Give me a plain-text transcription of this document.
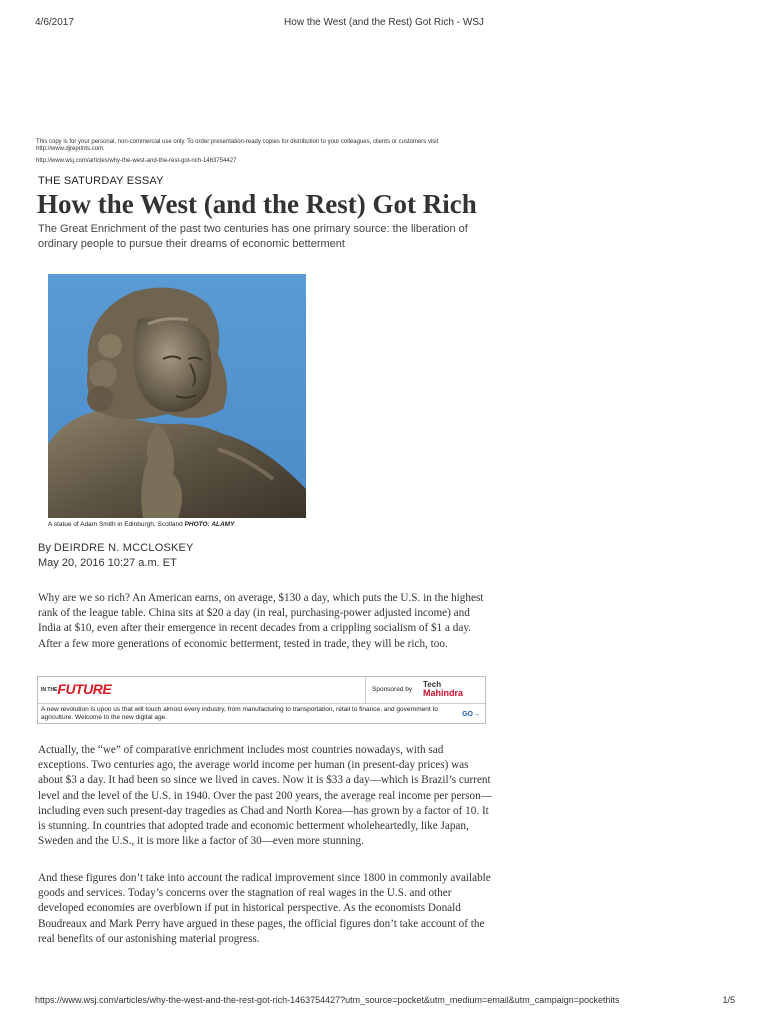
4/6/2017	How the West (and the Rest) Got Rich - WSJ
This copy is for your personal, non-commercial use only. To order presentation-ready copies for distribution to your colleagues, clients or customers visit http://www.djreprints.com.
http://www.wsj.com/articles/why-the-west-and-the-rest-got-rich-1463754427
THE SATURDAY ESSAY
How the West (and the Rest) Got Rich
The Great Enrichment of the past two centuries has one primary source: the liberation of ordinary people to pursue their dreams of economic betterment
A statue of Adam Smith in Edinburgh, Scotland PHOTO: ALAMY
By DEIRDRE N. MCCLOSKEY
May 20, 2016 10:27 a.m. ET
Why are we so rich? An American earns, on average, $130 a day, which puts the U.S. in the highest rank of the league table. China sits at $20 a day (in real, purchasing-power adjusted income) and India at $10, even after their emergence in recent decades from a crippling socialism of $1 a day. After a few more generations of economic betterment, tested in trade, they will be rich, too.
IN THEFUTURE	Sponsored by
Tech
Mahindra
A new revolution is upon us that will touch almost every industry, from manufacturing to transportation, retail to finance, and government to agriculture. Welcome to the new digital age.	GO→
Actually, the “we” of comparative enrichment includes most countries nowadays, with sad exceptions. Two centuries ago, the average world income per human (in present-day prices) was about $3 a day. It had been so since we lived in caves. Now it is $33 a day—which is Brazil’s current level and the level of the U.S. in 1940. Over the past 200 years, the average real income per person—including even such present-day tragedies as Chad and North Korea—has grown by a factor of 10. It is stunning. In countries that adopted trade and economic betterment wholeheartedly, like Japan, Sweden and the U.S., it is more like a factor of 30—even more stunning.
And these figures don’t take into account the radical improvement since 1800 in commonly available goods and services. Today’s concerns over the stagnation of real wages in the U.S. and other developed economies are overblown if put in historical perspective. As the economists Donald Boudreaux and Mark Perry have argued in these pages, the official figures don’t take account of the real benefits of our astonishing material progress.
https://www.wsj.com/articles/why-the-west-and-the-rest-got-rich-1463754427?utm_source=pocket&utm_medium=email&utm_campaign=pockethits	1/5
